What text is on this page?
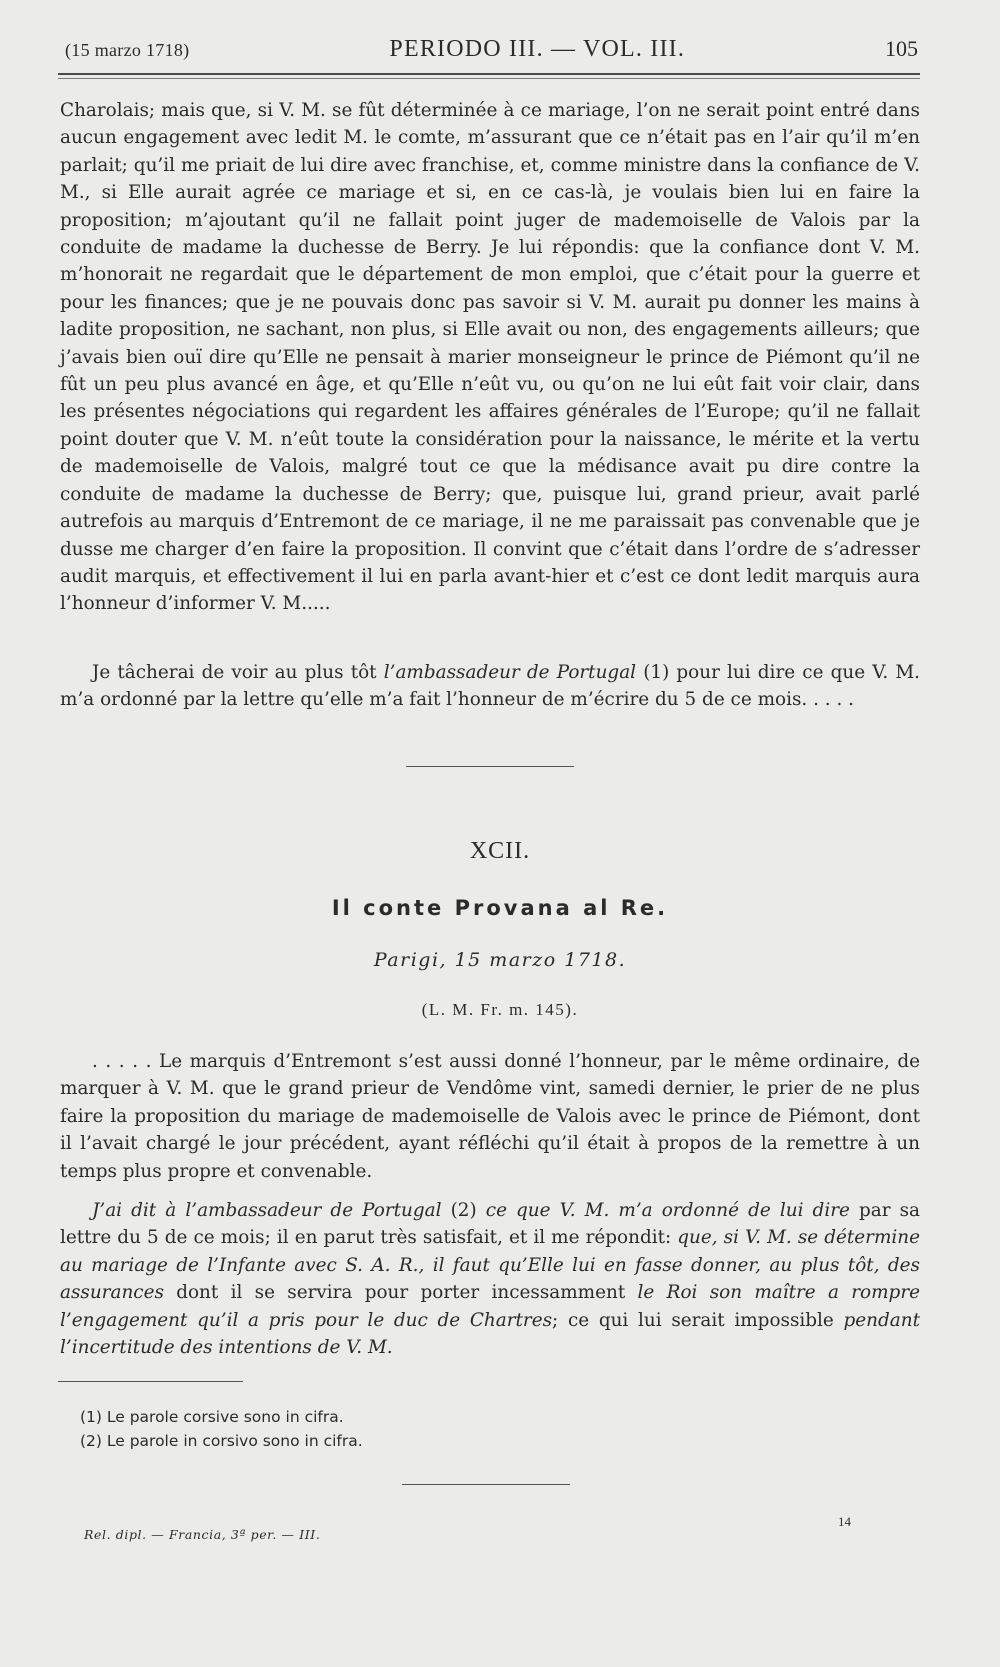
(15 marzo 1718)	PERIODO III. — VOL. III.	105

Charolais; mais que, si V. M. se fût déterminée à ce mariage, l’on ne serait point entré dans aucun engagement avec ledit M. le comte, m’assurant que ce n’était pas en l’air qu’il m’en parlait; qu’il me priait de lui dire avec franchise, et, comme ministre dans la confiance de V. M., si Elle aurait agrée ce mariage et si, en ce cas-là, je voulais bien lui en faire la proposition; m’ajoutant qu’il ne fallait point juger de mademoiselle de Valois par la conduite de madame la duchesse de Berry. Je lui répondis: que la confiance dont V. M. m’honorait ne regardait que le département de mon emploi, que c’était pour la guerre et pour les finances; que je ne pouvais donc pas savoir si V. M. aurait pu donner les mains à ladite proposition, ne sachant, non plus, si Elle avait ou non, des engagements ailleurs; que j’avais bien ouï dire qu’Elle ne pensait à marier monseigneur le prince de Piémont qu’il ne fût un peu plus avancé en âge, et qu’Elle n’eût vu, ou qu’on ne lui eût fait voir clair, dans les présentes négociations qui regardent les affaires générales de l’Europe; qu’il ne fallait point douter que V. M. n’eût toute la considération pour la naissance, le mérite et la vertu de mademoiselle de Valois, malgré tout ce que la médisance avait pu dire contre la conduite de madame la duchesse de Berry; que, puisque lui, grand prieur, avait parlé autrefois au marquis d’Entremont de ce mariage, il ne me paraissait pas convenable que je dusse me charger d’en faire la proposition. Il convint que c’était dans l’ordre de s’adresser audit marquis, et effectivement il lui en parla avant-hier et c’est ce dont ledit marquis aura l’honneur d’informer V. M.....

Je tâcherai de voir au plus tôt l’ambassadeur de Portugal (1) pour lui dire ce que V. M. m’a ordonné par la lettre qu’elle m’a fait l’honneur de m’écrire du 5 de ce mois. . . . .

XCII.
Il conte Provana al Re.
Parigi, 15 marzo 1718.
(L. M. Fr. m. 145).

. . . . . Le marquis d’Entremont s’est aussi donné l’honneur, par le même ordinaire, de marquer à V. M. que le grand prieur de Vendôme vint, samedi dernier, le prier de ne plus faire la proposition du mariage de mademoiselle de Valois avec le prince de Piémont, dont il l’avait chargé le jour précédent, ayant réfléchi qu’il était à propos de la remettre à un temps plus propre et convenable.

J’ai dit à l’ambassadeur de Portugal (2) ce que V. M. m’a ordonné de lui dire par sa lettre du 5 de ce mois; il en parut très satisfait, et il me répondit: que, si V. M. se détermine au mariage de l’Infante avec S. A. R., il faut qu’Elle lui en fasse donner, au plus tôt, des assurances dont il se servira pour porter incessamment le Roi son maître a rompre l’engagement qu’il a pris pour le duc de Chartres; ce qui lui serait impossible pendant l’incertitude des intentions de V. M.

(1) Le parole corsive sono in cifra.
(2) Le parole in corsivo sono in cifra.
Rel. dipl. — Francia, 3ª per. — III.
14
